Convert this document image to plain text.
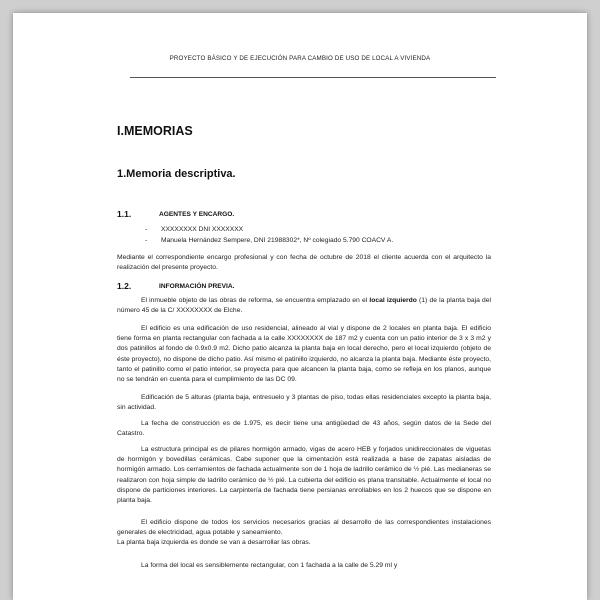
PROYECTO BÁSICO Y DE EJECUCIÓN PARA CAMBIO DE USO DE LOCAL A VIVIENDA
I.MEMORIAS
1.Memoria descriptiva.
1.1.	AGENTES Y ENCARGO.
- XXXXXXXX DNI XXXXXXX
- Manuela Hernández Sempere, DNI 21988302*, Nº colegiado 5.790 COACV A.

Mediante el correspondiente encargo profesional y con fecha de octubre de 2018 el cliente acuerda con el arquitecto la realización del presente proyecto.

1.2.	INFORMACIÓN PREVIA.

El inmueble objeto de las obras de reforma, se encuentra emplazado en el local izquierdo (1) de la planta baja del número 45 de la C/ XXXXXXXX de Elche.

El edificio es una edificación de uso residencial, alineado al vial y dispone de 2 locales en planta baja. El edificio tiene forma en planta rectangular con fachada a la calle XXXXXXXX de 187 m2 y cuenta con un patio interior de 3 x 3 m2 y dos patinillos al fondo de 0.9x0.9 m2. Dicho patio alcanza la planta baja en local derecho, pero el local izquierdo (objeto de éste proyecto), no dispone de dicho patio. Así mismo el patinillo izquierdo, no alcanza la planta baja. Mediante éste proyecto, tanto el patinillo como el patio interior, se proyecta para que alcancen la planta baja, como se refleja en los planos, aunque no se tendrán en cuenta para el cumplimiento de las DC 09.

Edificación de 5 alturas (planta baja, entresuelo y 3 plantas de piso, todas ellas residenciales excepto la planta baja, sin actividad.

La fecha de construcción es de 1.975, es decir tiene una antigüedad de 43 años, según datos de la Sede del Catastro.

La estructura principal es de pilares hormigón armado, vigas de acero HEB y forjados unidireccionales de viguetas de hormigón y bovedillas cerámicas. Cabe suponer que la cimentación está realizada a base de zapatas aisladas de hormigón armado. Los cerramientos de fachada actualmente son de 1 hoja de ladrillo cerámico de ½ pié. Las medianeras se realizaron con hoja simple de ladrillo cerámico de ½ pié. La cubierta del edificio es plana transitable. Actualmente el local no dispone de particiones interiores. La carpintería de fachada tiene persianas enrollables en los 2 huecos que se dispone en planta baja.

El edificio dispone de todos los servicios necesarios gracias al desarrollo de las correspondientes instalaciones generales de electricidad, agua potable y saneamiento.
La planta baja izquierda es donde se van a desarrollar las obras.

La forma del local es sensiblemente rectangular, con 1 fachada a la calle de 5.29 ml y
